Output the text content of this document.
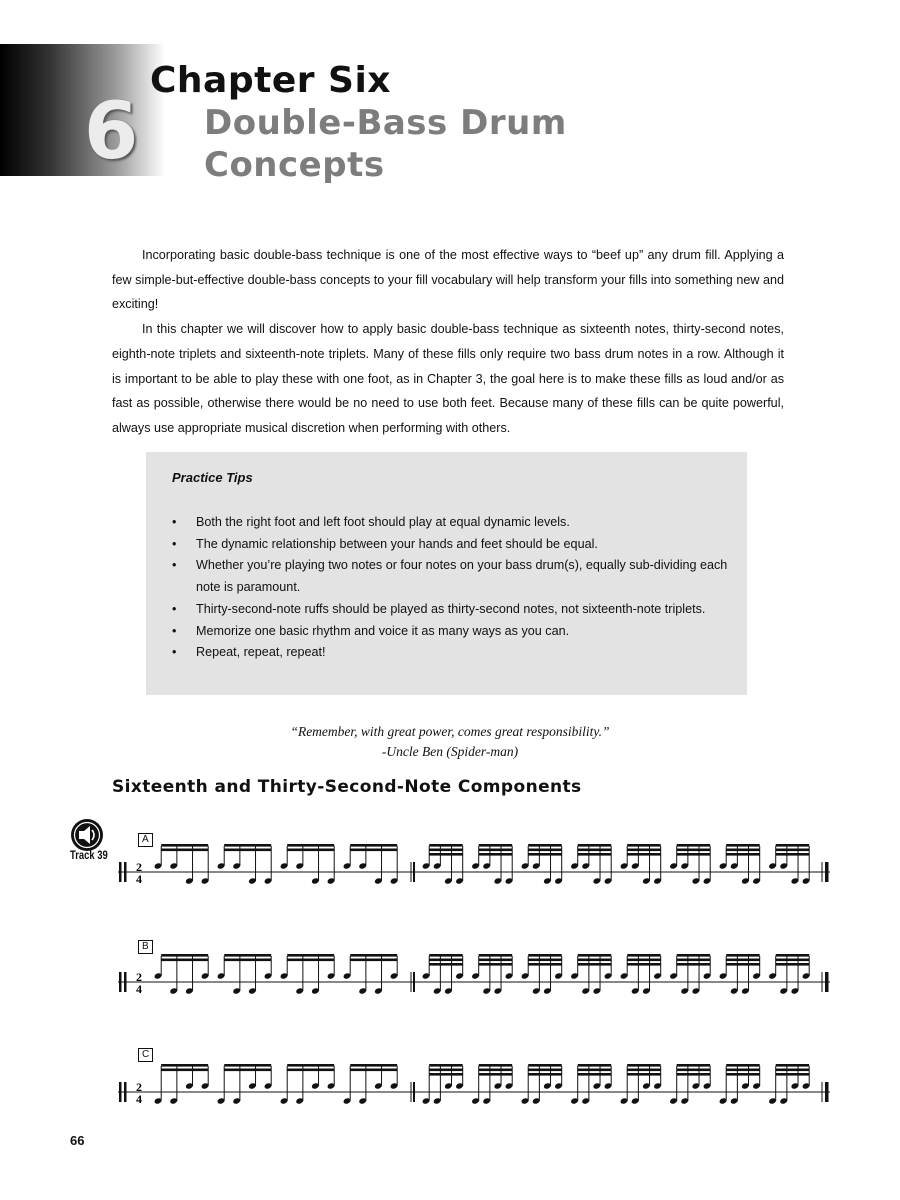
6
Chapter Six
Double-Bass Drum
Concepts

Incorporating basic double-bass technique is one of the most effective ways to “beef up” any drum fill. Applying a few simple-but-effective double-bass concepts to your fill vocabulary will help transform your fills into something new and exciting!

In this chapter we will discover how to apply basic double-bass technique as sixteenth notes, thirty-second notes, eighth-note triplets and sixteenth-note triplets. Many of these fills only require two bass drum notes in a row. Although it is important to be able to play these with one foot, as in Chapter 3, the goal here is to make these fills as loud and/or as fast as possible, otherwise there would be no need to use both feet. Because many of these fills can be quite powerful, always use appropriate musical discretion when performing with others.

Practice Tips
• Both the right foot and left foot should play at equal dynamic levels.
• The dynamic relationship between your hands and feet should be equal.
• Whether you’re playing two notes or four notes on your bass drum(s), equally sub-dividing each note is paramount.
• Thirty-second-note ruffs should be played as thirty-second notes, not sixteenth-note triplets.
• Memorize one basic rhythm and voice it as many ways as you can.
• Repeat, repeat, repeat!
“Remember, with great power, comes great responsibility.”
-Uncle Ben (Spider-man)
Sixteenth and Thirty-Second-Note Components
Track 39
A
2
4
B
2
4
C
2
4
66
